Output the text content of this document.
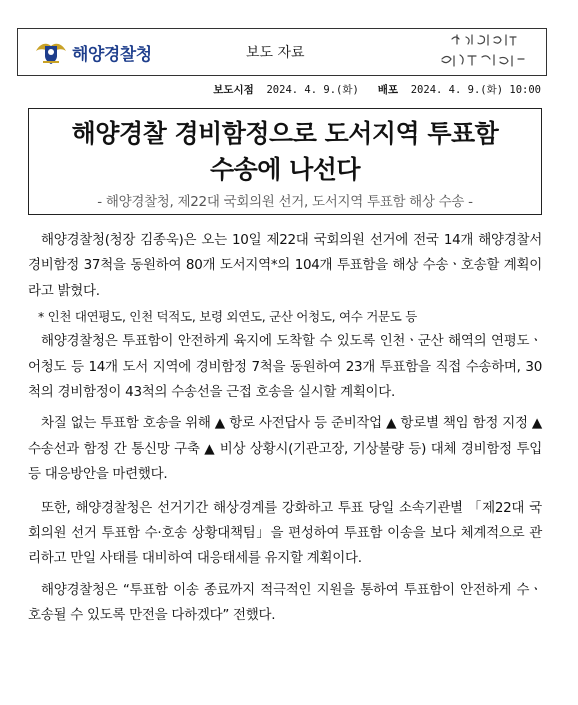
해양경찰청	보도 자료
보도시점 2024. 4. 9.(화) 배포 2024. 4. 9.(화) 10:00
해양경찰 경비함정으로 도서지역 투표함
수송에 나선다
- 해양경찰청, 제22대 국회의원 선거, 도서지역 투표함 해상 수송 -

해양경찰청(청장 김종욱)은 오는 10일 제22대 국회의원 선거에 전국 14개 해양경찰서 경비함정 37척을 동원하여 80개 도서지역*의 104개 투표함을 해상 수송ㆍ호송할 계획이라고 밝혔다.

* 인천 대연평도, 인천 덕적도, 보령 외연도, 군산 어청도, 여수 거문도 등

해양경찰청은 투표함이 안전하게 육지에 도착할 수 있도록 인천ㆍ군산 해역의 연평도ㆍ어청도 등 14개 도서 지역에 경비함정 7척을 동원하여 23개 투표함을 직접 수송하며, 30척의 경비함정이 43척의 수송선을 근접 호송을 실시할 계획이다.

차질 없는 투표함 호송을 위해 ▲ 항로 사전답사 등 준비작업 ▲ 항로별 책임 함정 지정 ▲ 수송선과 함정 간 통신망 구축 ▲ 비상 상황시(기관고장, 기상불량 등) 대체 경비함정 투입 등 대응방안을 마련했다.

또한, 해양경찰청은 선거기간 해상경계를 강화하고 투표 당일 소속기관별 「제22대 국회의원 선거 투표함 수·호송 상황대책팀」을 편성하여 투표함 이송을 보다 체계적으로 관리하고 만일 사태를 대비하여 대응태세를 유지할 계획이다.

해양경찰청은 “투표함 이송 종료까지 적극적인 지원을 통하여 투표함이 안전하게 수ㆍ호송될 수 있도록 만전을 다하겠다” 전했다.
